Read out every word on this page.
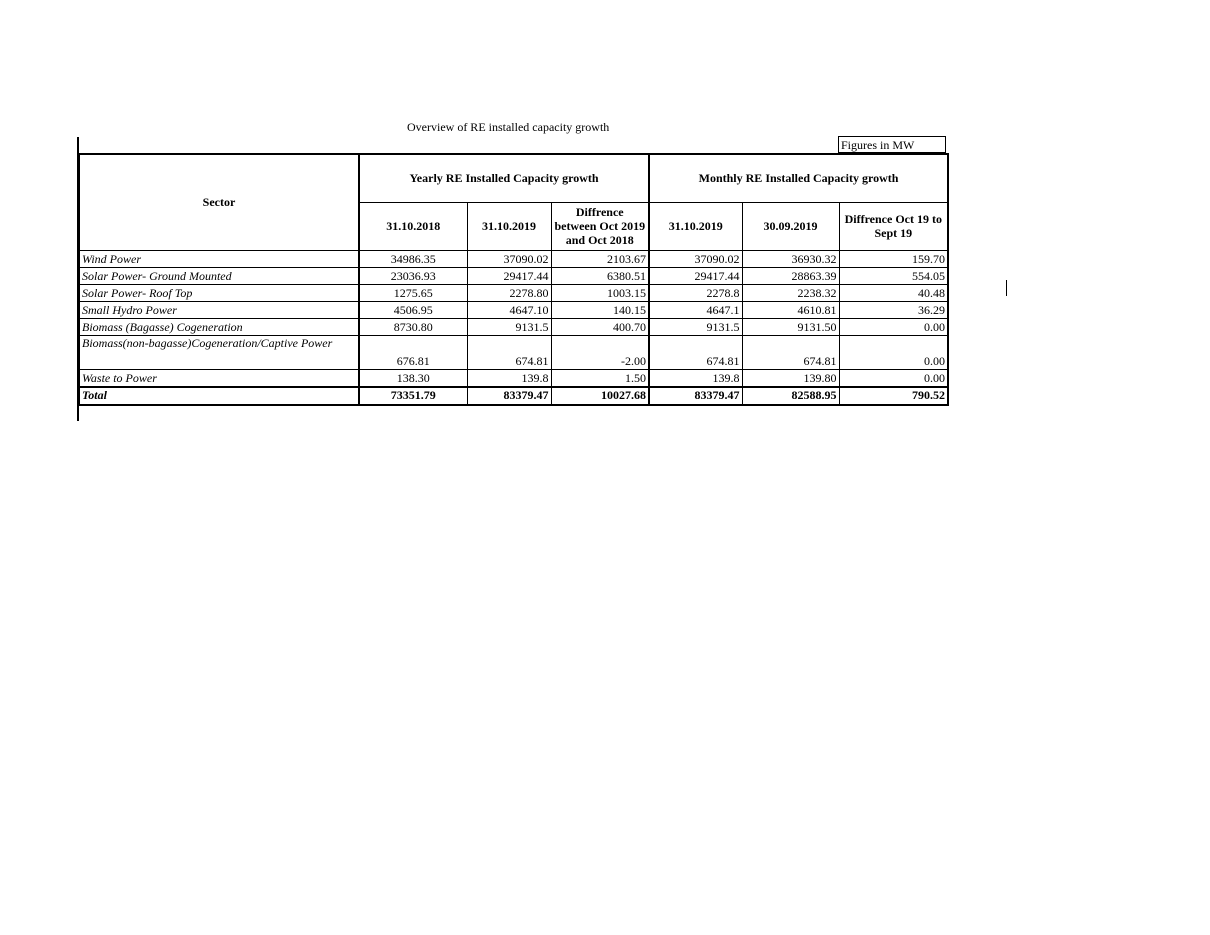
Overview of RE installed capacity growth
Figures in MW
Sector	Yearly RE Installed Capacity growth			Monthly RE Installed Capacity growth		
	31.10.2018	31.10.2019	Diffrence between Oct 2019 and Oct 2018	31.10.2019	30.09.2019	Diffrence Oct 19 to Sept 19
Wind Power	34986.35	37090.02	2103.67	37090.02	36930.32	159.70
Solar Power- Ground Mounted	23036.93	29417.44	6380.51	29417.44	28863.39	554.05
Solar Power- Roof Top	1275.65	2278.80	1003.15	2278.8	2238.32	40.48
Small Hydro Power	4506.95	4647.10	140.15	4647.1	4610.81	36.29
Biomass (Bagasse) Cogeneration	8730.80	9131.5	400.70	9131.5	9131.50	0.00
Biomass(non-bagasse)Cogeneration/Captive Power	676.81	674.81	-2.00	674.81	674.81	0.00
Waste to Power	138.30	139.8	1.50	139.8	139.80	0.00
Total	73351.79	83379.47	10027.68	83379.47	82588.95	790.52
